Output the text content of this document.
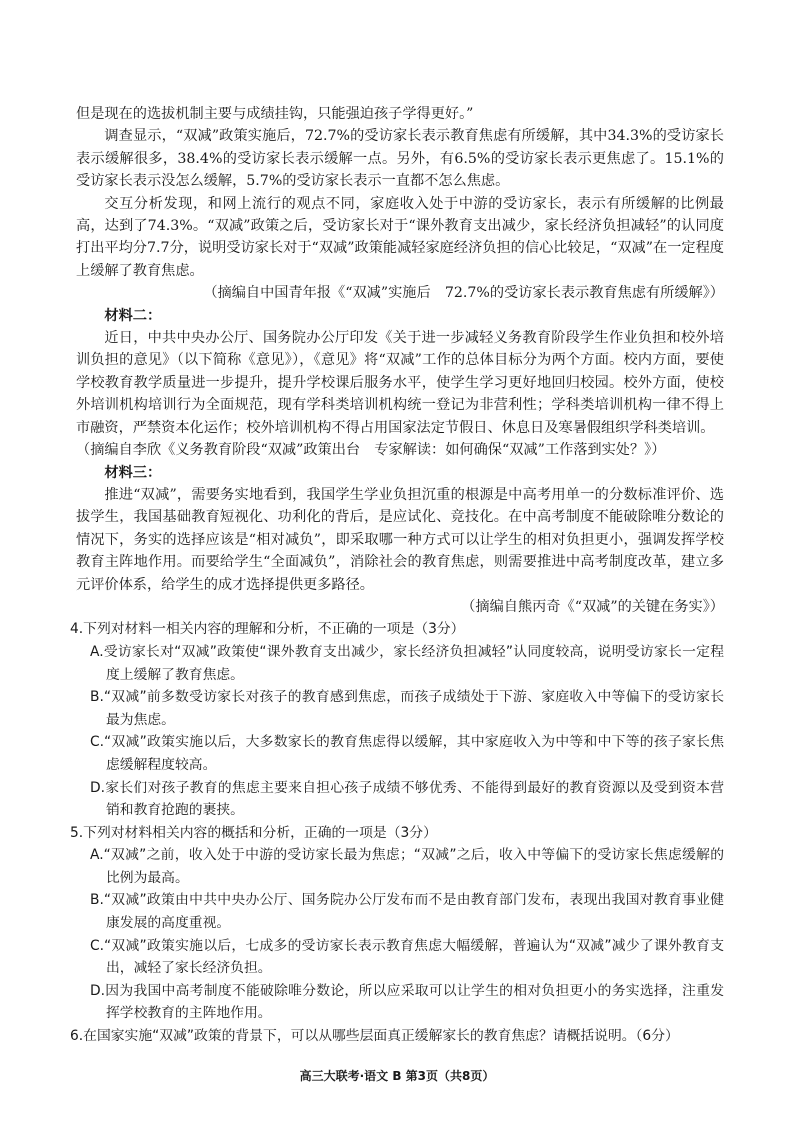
但是现在的选拔机制主要与成绩挂钩，只能强迫孩子学得更好。”

调查显示，“双减”政策实施后，72.7%的受访家长表示教育焦虑有所缓解，其中34.3%的受访家长表示缓解很多，38.4%的受访家长表示缓解一点。另外，有6.5%的受访家长表示更焦虑了。15.1%的受访家长表示没怎么缓解，5.7%的受访家长表示一直都不怎么焦虑。

交互分析发现，和网上流行的观点不同，家庭收入处于中游的受访家长，表示有所缓解的比例最高，达到了74.3%。“双减”政策之后，受访家长对于“课外教育支出减少，家长经济负担减轻”的认同度打出平均分7.7分，说明受访家长对于“双减”政策能减轻家庭经济负担的信心比较足，“双减”在一定程度上缓解了教育焦虑。

（摘编自中国青年报《“双减”实施后　72.7%的受访家长表示教育焦虑有所缓解》）

材料二：

近日，中共中央办公厅、国务院办公厅印发《关于进一步减轻义务教育阶段学生作业负担和校外培训负担的意见》（以下简称《意见》），《意见》将“双减”工作的总体目标分为两个方面。校内方面，要使学校教育教学质量进一步提升，提升学校课后服务水平，使学生学习更好地回归校园。校外方面，使校外培训机构培训行为全面规范，现有学科类培训机构统一登记为非营利性；学科类培训机构一律不得上市融资，严禁资本化运作；校外培训机构不得占用国家法定节假日、休息日及寒暑假组织学科类培训。

（摘编自李欣《义务教育阶段“双减”政策出台　专家解读：如何确保“双减”工作落到实处？》）

材料三：

推进“双减”，需要务实地看到，我国学生学业负担沉重的根源是中高考用单一的分数标准评价、选拔学生，我国基础教育短视化、功利化的背后，是应试化、竞技化。在中高考制度不能破除唯分数论的情况下，务实的选择应该是“相对减负”，即采取哪一种方式可以让学生的相对负担更小，强调发挥学校教育主阵地作用。而要给学生“全面减负”，消除社会的教育焦虑，则需要推进中高考制度改革，建立多元评价体系，给学生的成才选择提供更多路径。

（摘编自熊丙奇《“双减”的关键在务实》）

4.下列对材料一相关内容的理解和分析，不正确的一项是（3分）

A.受访家长对“双减”政策使“课外教育支出减少，家长经济负担减轻”认同度较高，说明受访家长一定程度上缓解了教育焦虑。

B.“双减”前多数受访家长对孩子的教育感到焦虑，而孩子成绩处于下游、家庭收入中等偏下的受访家长最为焦虑。

C.“双减”政策实施以后，大多数家长的教育焦虑得以缓解，其中家庭收入为中等和中下等的孩子家长焦虑缓解程度较高。

D.家长们对孩子教育的焦虑主要来自担心孩子成绩不够优秀、不能得到最好的教育资源以及受到资本营销和教育抢跑的裹挟。

5.下列对材料相关内容的概括和分析，正确的一项是（3分）

A.“双减”之前，收入处于中游的受访家长最为焦虑；“双减”之后，收入中等偏下的受访家长焦虑缓解的比例为最高。

B.“双减”政策由中共中央办公厅、国务院办公厅发布而不是由教育部门发布，表现出我国对教育事业健康发展的高度重视。

C.“双减”政策实施以后，七成多的受访家长表示教育焦虑大幅缓解，普遍认为“双减”减少了课外教育支出，减轻了家长经济负担。

D.因为我国中高考制度不能破除唯分数论，所以应采取可以让学生的相对负担更小的务实选择，注重发挥学校教育的主阵地作用。

6.在国家实施“双减”政策的背景下，可以从哪些层面真正缓解家长的教育焦虑？请概括说明。（6分）

高三大联考·语文 B 第3页（共8页）
